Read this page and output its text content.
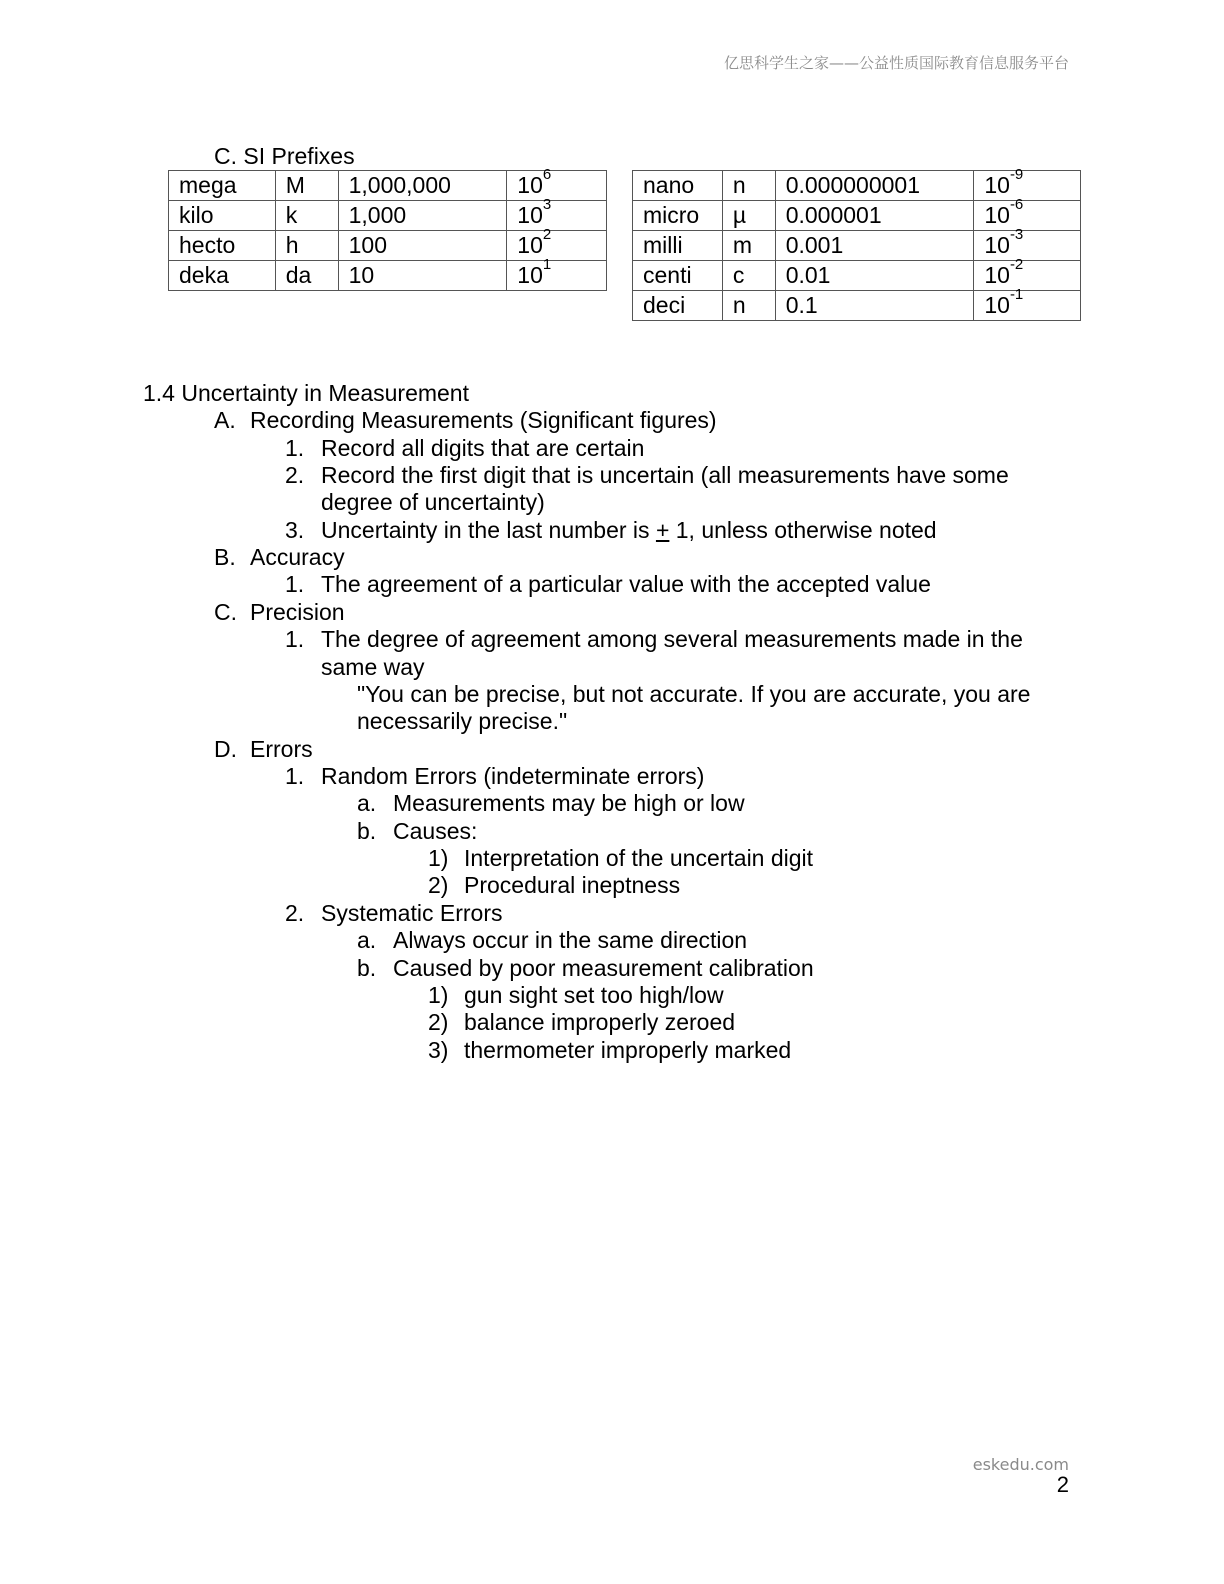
亿思科学生之家——公益性质国际教育信息服务平台
C. SI Prefixes
mega	M	1,000,000	$10^6$
kilo	k	1,000	$10^3$
hecto	h	100	$10^2$
deka	da	10	$10^1$
nano	n	0.000000001	$10^{-9}$
micro	µ	0.000001	$10^{-6}$
milli	m	0.001	$10^{-3}$
centi	c	0.01	$10^{-2}$
deci	n	0.1	$10^{-1}$
1.4 Uncertainty in Measurement
A. Recording Measurements (Significant figures)
1. Record all digits that are certain
2. Record the first digit that is uncertain (all measurements have some
degree of uncertainty)
3. Uncertainty in the last number is + 1, unless otherwise noted
B. Accuracy
1. The agreement of a particular value with the accepted value
C. Precision
1. The degree of agreement among several measurements made in the
same way
"You can be precise, but not accurate. If you are accurate, you are
necessarily precise."
D. Errors
1. Random Errors (indeterminate errors)
a. Measurements may be high or low
b. Causes:
1) Interpretation of the uncertain digit
2) Procedural ineptness
2. Systematic Errors
a. Always occur in the same direction
b. Caused by poor measurement calibration
1) gun sight set too high/low
2) balance improperly zeroed
3) thermometer improperly marked
eskedu.com
2
